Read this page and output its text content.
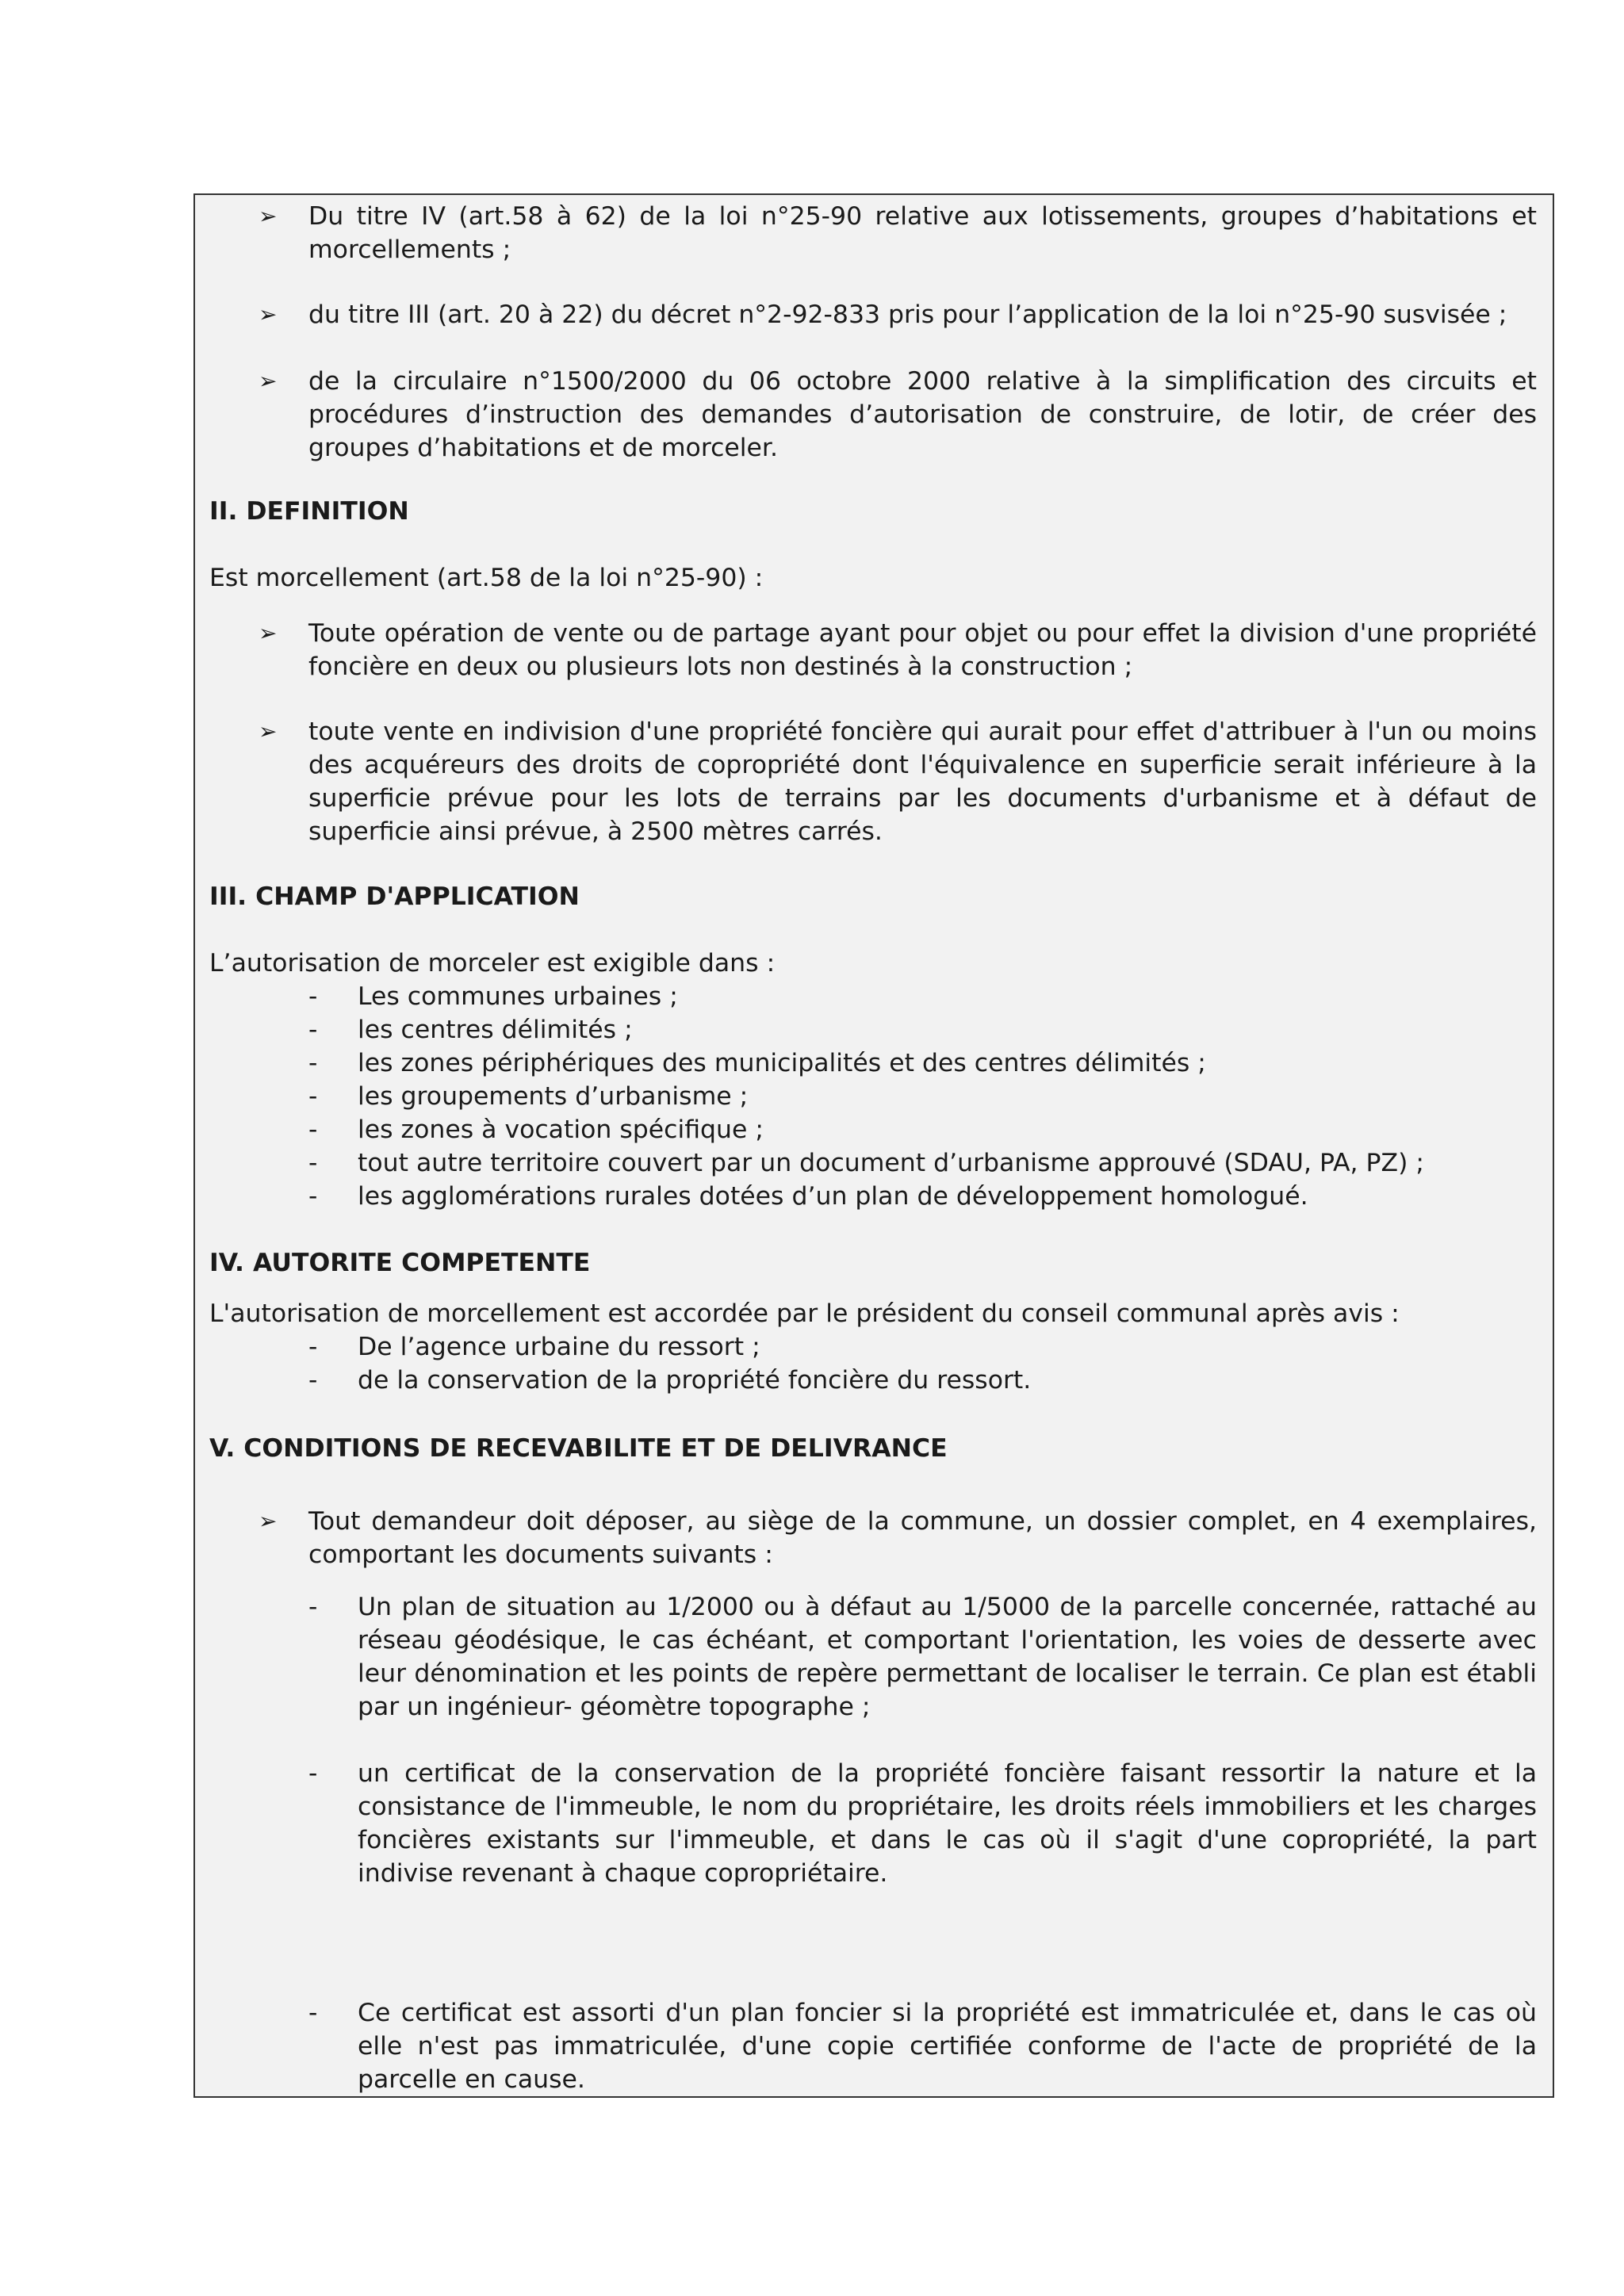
➢ Du titre IV (art.58 à 62) de la loi n°25-90 relative aux lotissements, groupes d’habitations et morcellements ;
➢ du titre III (art. 20 à 22) du décret n°2-92-833 pris pour l’application de la loi n°25-90 susvisée ;
➢ de la circulaire n°1500/2000 du 06 octobre 2000 relative à la simplification des circuits et procédures d’instruction des demandes d’autorisation de construire, de lotir, de créer des groupes d’habitations et de morceler.
II. DEFINITION
Est morcellement (art.58 de la loi n°25-90) :
➢ Toute opération de vente ou de partage ayant pour objet ou pour effet la division d'une propriété foncière en deux ou plusieurs lots non destinés à la construction ;
➢ toute vente en indivision d'une propriété foncière qui aurait pour effet d'attribuer à l'un ou moins des acquéreurs des droits de copropriété dont l'équivalence en superficie serait inférieure à la superficie prévue pour les lots de terrains par les documents d'urbanisme et à défaut de superficie ainsi prévue, à 2500 mètres carrés.
III. CHAMP D'APPLICATION
L’autorisation de morceler est exigible dans :
- Les communes urbaines ;
- les centres délimités ;
- les zones périphériques des municipalités et des centres délimités ;
- les groupements d’urbanisme ;
- les zones à vocation spécifique ;
- tout autre territoire couvert par un document d’urbanisme approuvé (SDAU, PA, PZ) ;
- les agglomérations rurales dotées d’un plan de développement homologué.
IV. AUTORITE COMPETENTE
L'autorisation de morcellement est accordée par le président du conseil communal après avis :
- De l’agence urbaine du ressort ;
- de la conservation de la propriété foncière du ressort.
V. CONDITIONS DE RECEVABILITE ET DE DELIVRANCE
➢ Tout demandeur doit déposer, au siège de la commune, un dossier complet, en 4 exemplaires, comportant les documents suivants :
- Un plan de situation au 1/2000 ou à défaut au 1/5000 de la parcelle concernée, rattaché au réseau géodésique, le cas échéant, et comportant l'orientation, les voies de desserte avec leur dénomination et les points de repère permettant de localiser le terrain. Ce plan est établi par un ingénieur- géomètre topographe ;
- un certificat de la conservation de la propriété foncière faisant ressortir la nature et la consistance de l'immeuble, le nom du propriétaire, les droits réels immobiliers et les charges foncières existants sur l'immeuble, et dans le cas où il s'agit d'une copropriété, la part indivise revenant à chaque copropriétaire.
- Ce certificat est assorti d'un plan foncier si la propriété est immatriculée et, dans le cas où elle n'est pas immatriculée, d'une copie certifiée conforme de l'acte de propriété de la parcelle en cause.
